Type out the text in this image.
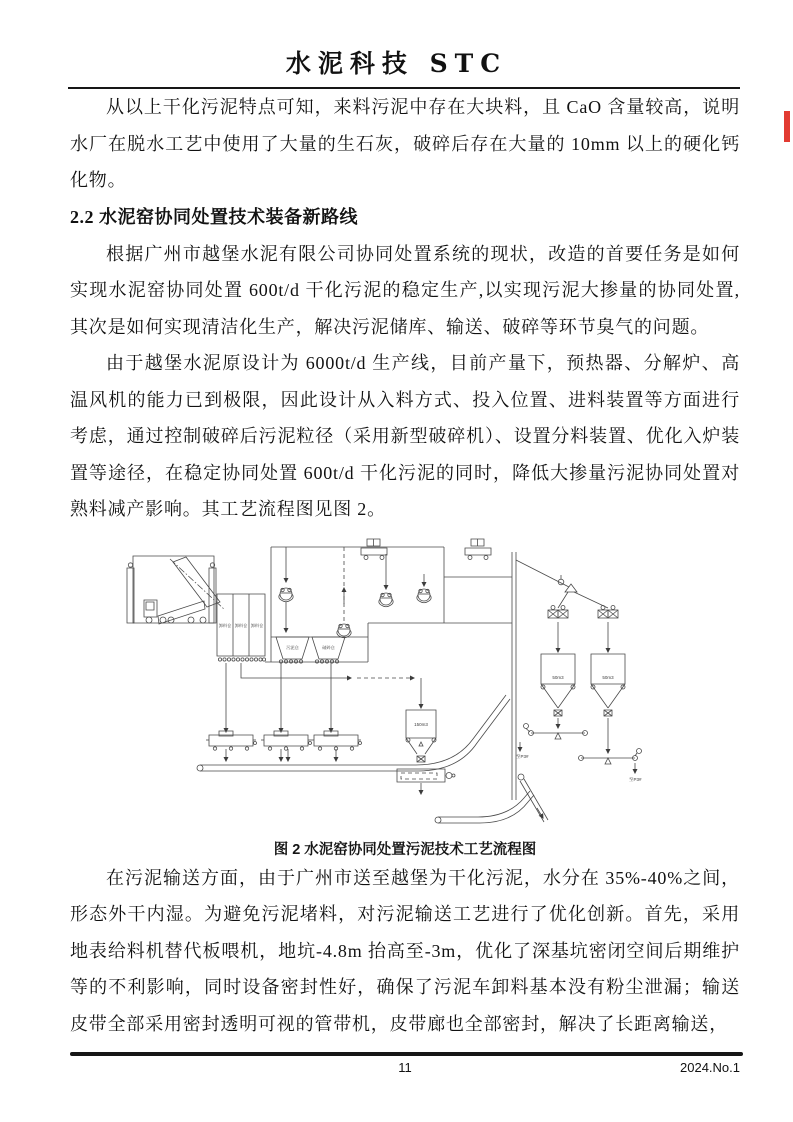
水泥科技 STC

从以上干化污泥特点可知，来料污泥中存在大块料，且 CaO 含量较高，说明水厂在脱水工艺中使用了大量的生石灰，破碎后存在大量的 10mm 以上的硬化钙化物。

2.2 水泥窑协同处置技术装备新路线

根据广州市越堡水泥有限公司协同处置系统的现状，改造的首要任务是如何实现水泥窑协同处置 600t/d 干化污泥的稳定生产,以实现污泥大掺量的协同处置,其次是如何实现清洁化生产，解决污泥储库、输送、破碎等环节臭气的问题。

由于越堡水泥原设计为 6000t/d 生产线，目前产量下，预热器、分解炉、高温风机的能力已到极限，因此设计从入料方式、投入位置、进料装置等方面进行考虑，通过控制破碎后污泥粒径（采用新型破碎机）、设置分料装置、优化入炉装置等途径，在稳定协同处置 600t/d 干化污泥的同时，降低大掺量污泥协同处置对熟料减产影响。其工艺流程图见图 2。

卸料仓 卸料仓 卸料仓
污泥仓	破碎仓
50m3
至P3#
50m3
至P3#
150m3
图 2 水泥窑协同处置污泥技术工艺流程图

在污泥输送方面，由于广州市送至越堡为干化污泥，水分在 35%-40%之间，形态外干内湿。为避免污泥堵料，对污泥输送工艺进行了优化创新。首先，采用地表给料机替代板喂机，地坑-4.8m 抬高至-3m，优化了深基坑密闭空间后期维护等的不利影响，同时设备密封性好，确保了污泥车卸料基本没有粉尘泄漏；输送皮带全部采用密封透明可视的管带机，皮带廊也全部密封，解决了长距离输送，

11	2024.No.1
